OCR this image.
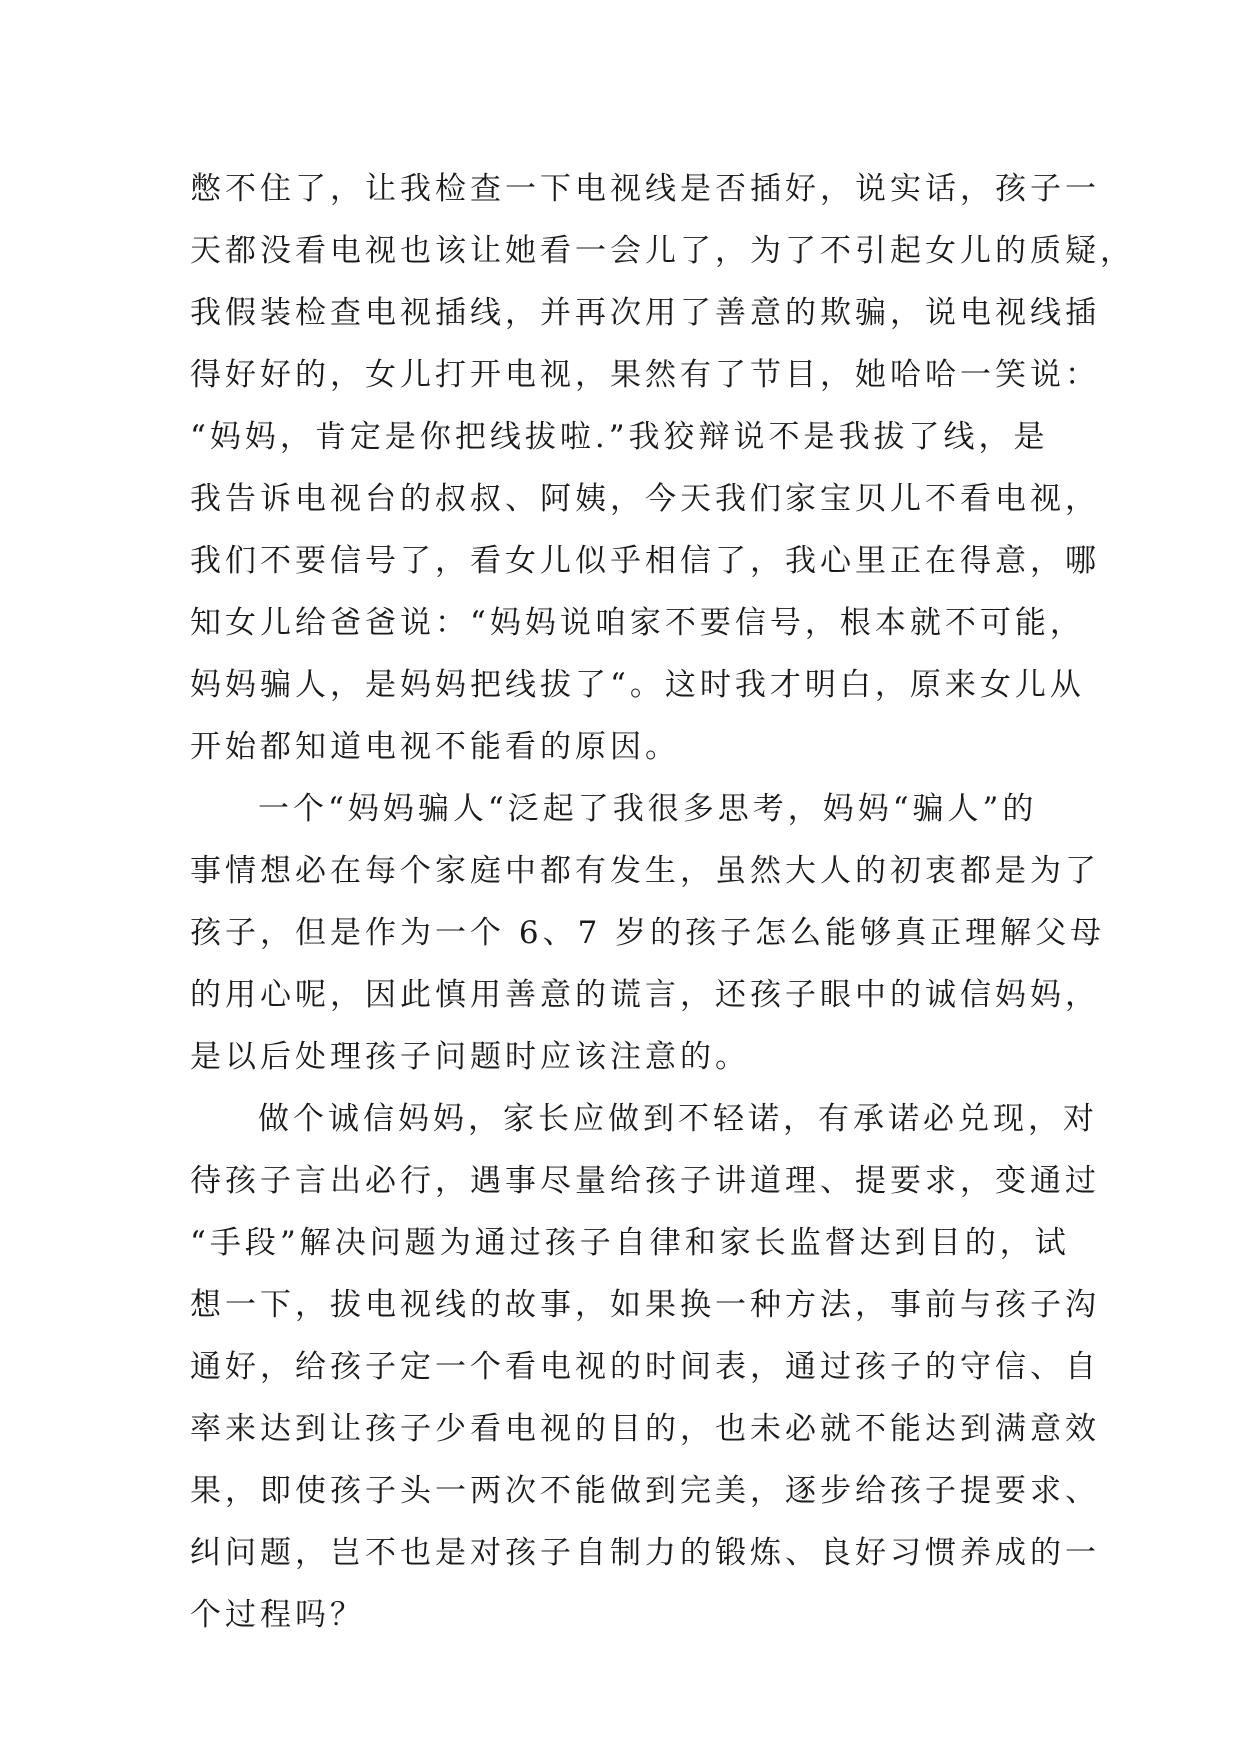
憋不住了，让我检查一下电视线是否插好，说实话，孩子一
天都没看电视也该让她看一会儿了，为了不引起女儿的质疑，
我假装检查电视插线，并再次用了善意的欺骗，说电视线插
得好好的，女儿打开电视，果然有了节目，她哈哈一笑说：
“妈妈，肯定是你把线拔啦.”我狡辩说不是我拔了线，是
我告诉电视台的叔叔、阿姨，今天我们家宝贝儿不看电视，
我们不要信号了，看女儿似乎相信了，我心里正在得意，哪
知女儿给爸爸说：“妈妈说咱家不要信号，根本就不可能，
妈妈骗人，是妈妈把线拔了“。这时我才明白，原来女儿从
开始都知道电视不能看的原因。
一个“妈妈骗人“泛起了我很多思考，妈妈“骗人”的
事情想必在每个家庭中都有发生，虽然大人的初衷都是为了
孩子，但是作为一个 6、7 岁的孩子怎么能够真正理解父母
的用心呢，因此慎用善意的谎言，还孩子眼中的诚信妈妈，
是以后处理孩子问题时应该注意的。
做个诚信妈妈，家长应做到不轻诺，有承诺必兑现，对
待孩子言出必行，遇事尽量给孩子讲道理、提要求，变通过
“手段”解决问题为通过孩子自律和家长监督达到目的，试
想一下，拔电视线的故事，如果换一种方法，事前与孩子沟
通好，给孩子定一个看电视的时间表，通过孩子的守信、自
率来达到让孩子少看电视的目的，也未必就不能达到满意效
果，即使孩子头一两次不能做到完美，逐步给孩子提要求、
纠问题，岂不也是对孩子自制力的锻炼、良好习惯养成的一
个过程吗？
